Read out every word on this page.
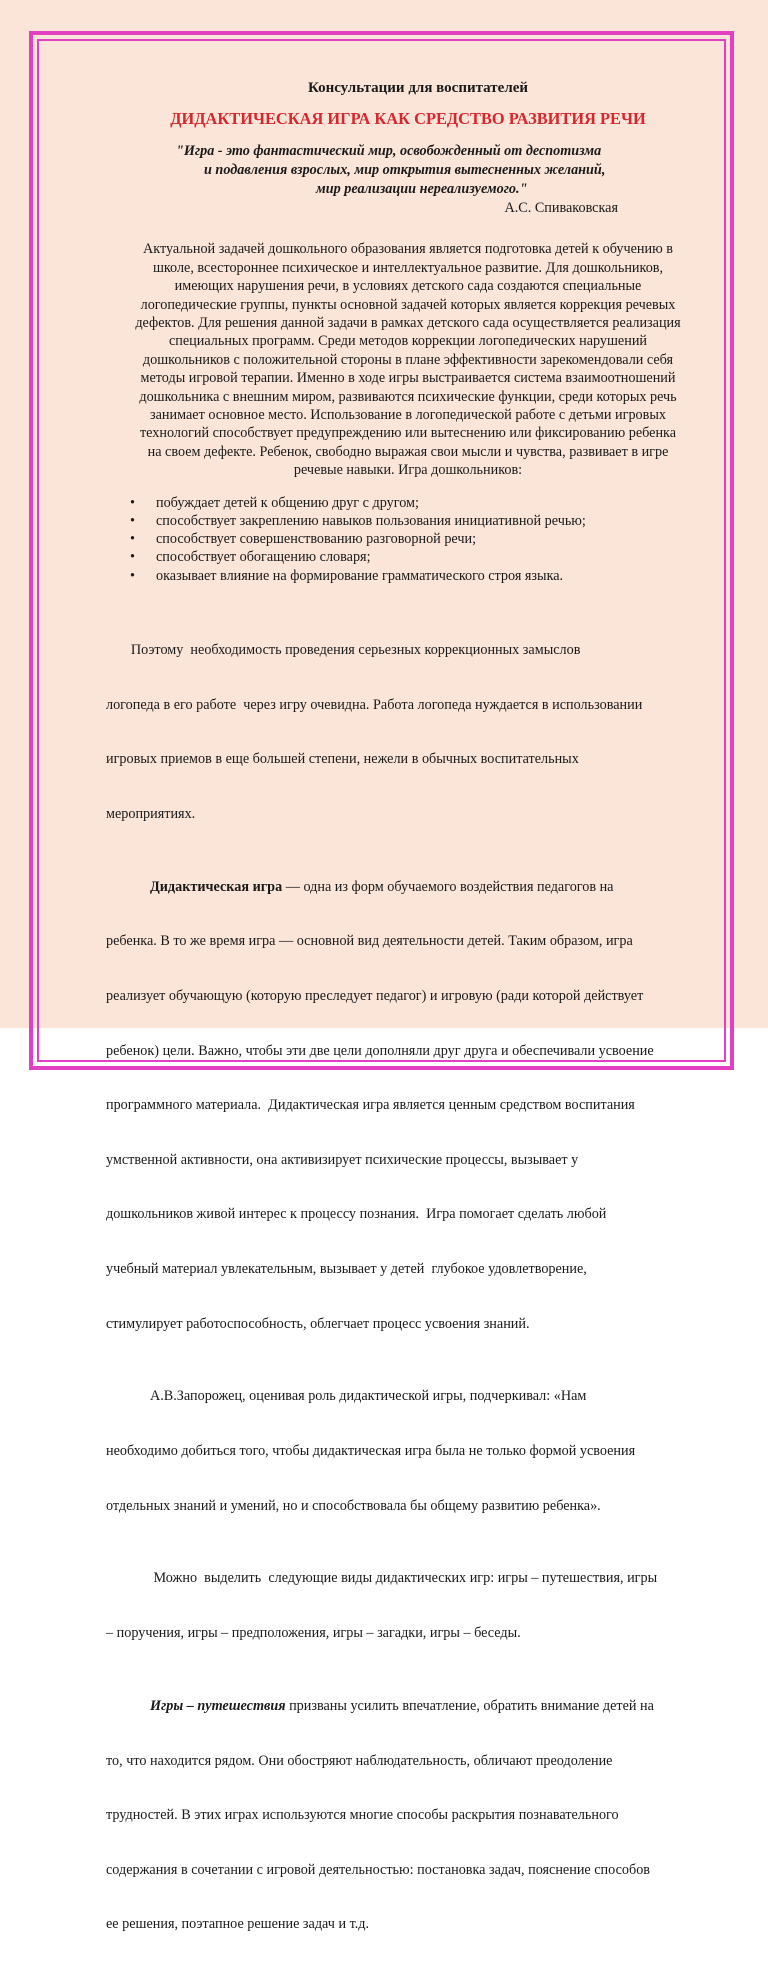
Консультации для воспитателей
ДИДАКТИЧЕСКАЯ ИГРА КАК СРЕДСТВО РАЗВИТИЯ РЕЧИ
"Игра - это фантастический мир, освобожденный от деспотизма
и подавления взрослых, мир открытия вытесненных желаний,
мир реализации нереализуемого."
А.С. Спиваковская
Актуальной задачей дошкольного образования является подготовка детей к обучению в
школе, всестороннее психическое и интеллектуальное развитие. Для дошкольников,
имеющих нарушения речи, в условиях детского сада создаются специальные
логопедические группы, пункты основной задачей которых является коррекция речевых
дефектов. Для решения данной задачи в рамках детского сада осуществляется реализация
специальных программ. Среди методов коррекции логопедических нарушений
дошкольников с положительной стороны в плане эффективности зарекомендовали себя
методы игровой терапии. Именно в ходе игры выстраивается система взаимоотношений
дошкольника с внешним миром, развиваются психические функции, среди которых речь
занимает основное место. Использование в логопедической работе с детьми игровых
технологий способствует предупреждению или вытеснению или фиксированию ребенка
на своем дефекте. Ребенок, свободно выражая свои мысли и чувства, развивает в игре
речевые навыки. Игра дошкольников:
• побуждает детей к общению друг с другом;
• способствует закреплению навыков пользования инициативной речью;
• способствует совершенствованию разговорной речи;
• способствует обогащению словаря;
• оказывает влияние на формирование грамматического строя языка.

Поэтому  необходимость проведения серьезных коррекционных замыслов

логопеда в его работе  через игру очевидна. Работа логопеда нуждается в использовании

игровых приемов в еще большей степени, нежели в обычных воспитательных

мероприятиях.

Дидактическая игра — одна из форм обучаемого воздействия педагогов на

ребенка. В то же время игра — основной вид деятельности детей. Таким образом, игра

реализует обучающую (которую преследует педагог) и игровую (ради которой действует

ребенок) цели. Важно, чтобы эти две цели дополняли друг друга и обеспечивали усвоение

программного материала.  Дидактическая игра является ценным средством воспитания

умственной активности, она активизирует психические процессы, вызывает у

дошкольников живой интерес к процессу познания.  Игра помогает сделать любой

учебный материал увлекательным, вызывает у детей  глубокое удовлетворение,

стимулирует работоспособность, облегчает процесс усвоения знаний.

А.В.Запорожец, оценивая роль дидактической игры, подчеркивал: «Нам

необходимо добиться того, чтобы дидактическая игра была не только формой усвоения

отдельных знаний и умений, но и способствовала бы общему развитию ребенка».

Можно  выделить  следующие виды дидактических игр: игры – путешествия, игры

– поручения, игры – предположения, игры – загадки, игры – беседы.

Игры – путешествия призваны усилить впечатление, обратить внимание детей на

то, что находится рядом. Они обостряют наблюдательность, обличают преодоление

трудностей. В этих играх используются многие способы раскрытия познавательного

содержания в сочетании с игровой деятельностью: постановка задач, пояснение способов

ее решения, поэтапное решение задач и т.д.
